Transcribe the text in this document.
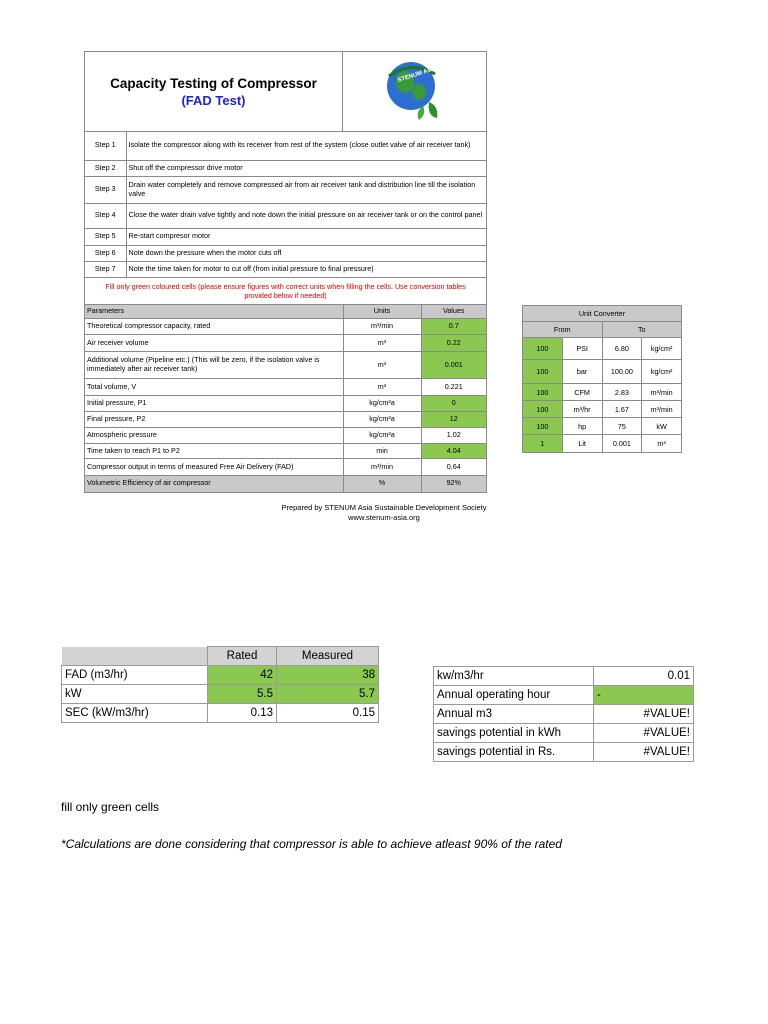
Capacity Testing of Compressor
(FAD Test)
STENUM Asia
Step 1	Isolate the compressor along with its receiver from rest of the system (close outlet valve of air receiver tank)
Step 2	Shut off the compressor drive motor
Step 3	Drain water completely and remove compressed air from air receiver tank and distribution line till the isolation valve
Step 4	Close the water drain valve tightly and note down the initial pressure on air receiver tank or on the control panel
Step 5	Re-start compresor motor
Step 6	Note down the pressure when the motor cuts off
Step 7	Note the time taken for motor to cut off (from initial pressure to final pressure)
Fill only green coloured cells (please ensure figures with correct units when filling the cells. Use conversion tables provided below if needed)
Parameters	Units	Values
Theoretical compressor capacity, rated	m³/min	0.7
Air receiver volume	m³	0.22
Additional volume (Pipeline etc.) (This will be zero, if the isolation valve is immediately after air receiver tank)	m³	0.001
Total volume, V	m³	0.221
Initial pressure, P1	kg/cm²a	0
Final pressure, P2	kg/cm²a	12
Atmospheric pressure	kg/cm²a	1.02
Time taken to reach P1 to P2	min	4.04
Compressor output in terms of measured Free Air Delivery (FAD)	m³/min	0.64
Volumetric Efficiency of air compressor	%	92%
Unit Converter			
From		To	
100	PSI	6.80	kg/cm²
100	bar	100.00	kg/cm²
100	CFM	2.83	m³/min
100	m³/hr	1.67	m³/min
100	hp	75	kW
1	Lit	0.001	m³
Prepared by STENUM Asia Sustainable Development Society
www.stenum-asia.org
	Rated	Measured
FAD (m3/hr)	42	38
kW	5.5	5.7
SEC (kW/m3/hr)	0.13	0.15
kw/m3/hr	0.01
Annual operating hour	-
Annual m3	#VALUE!
savings potential in kWh	#VALUE!
savings potential in Rs.	#VALUE!
fill only green cells
*Calculations are done considering that compressor is able to achieve atleast 90% of the rated
